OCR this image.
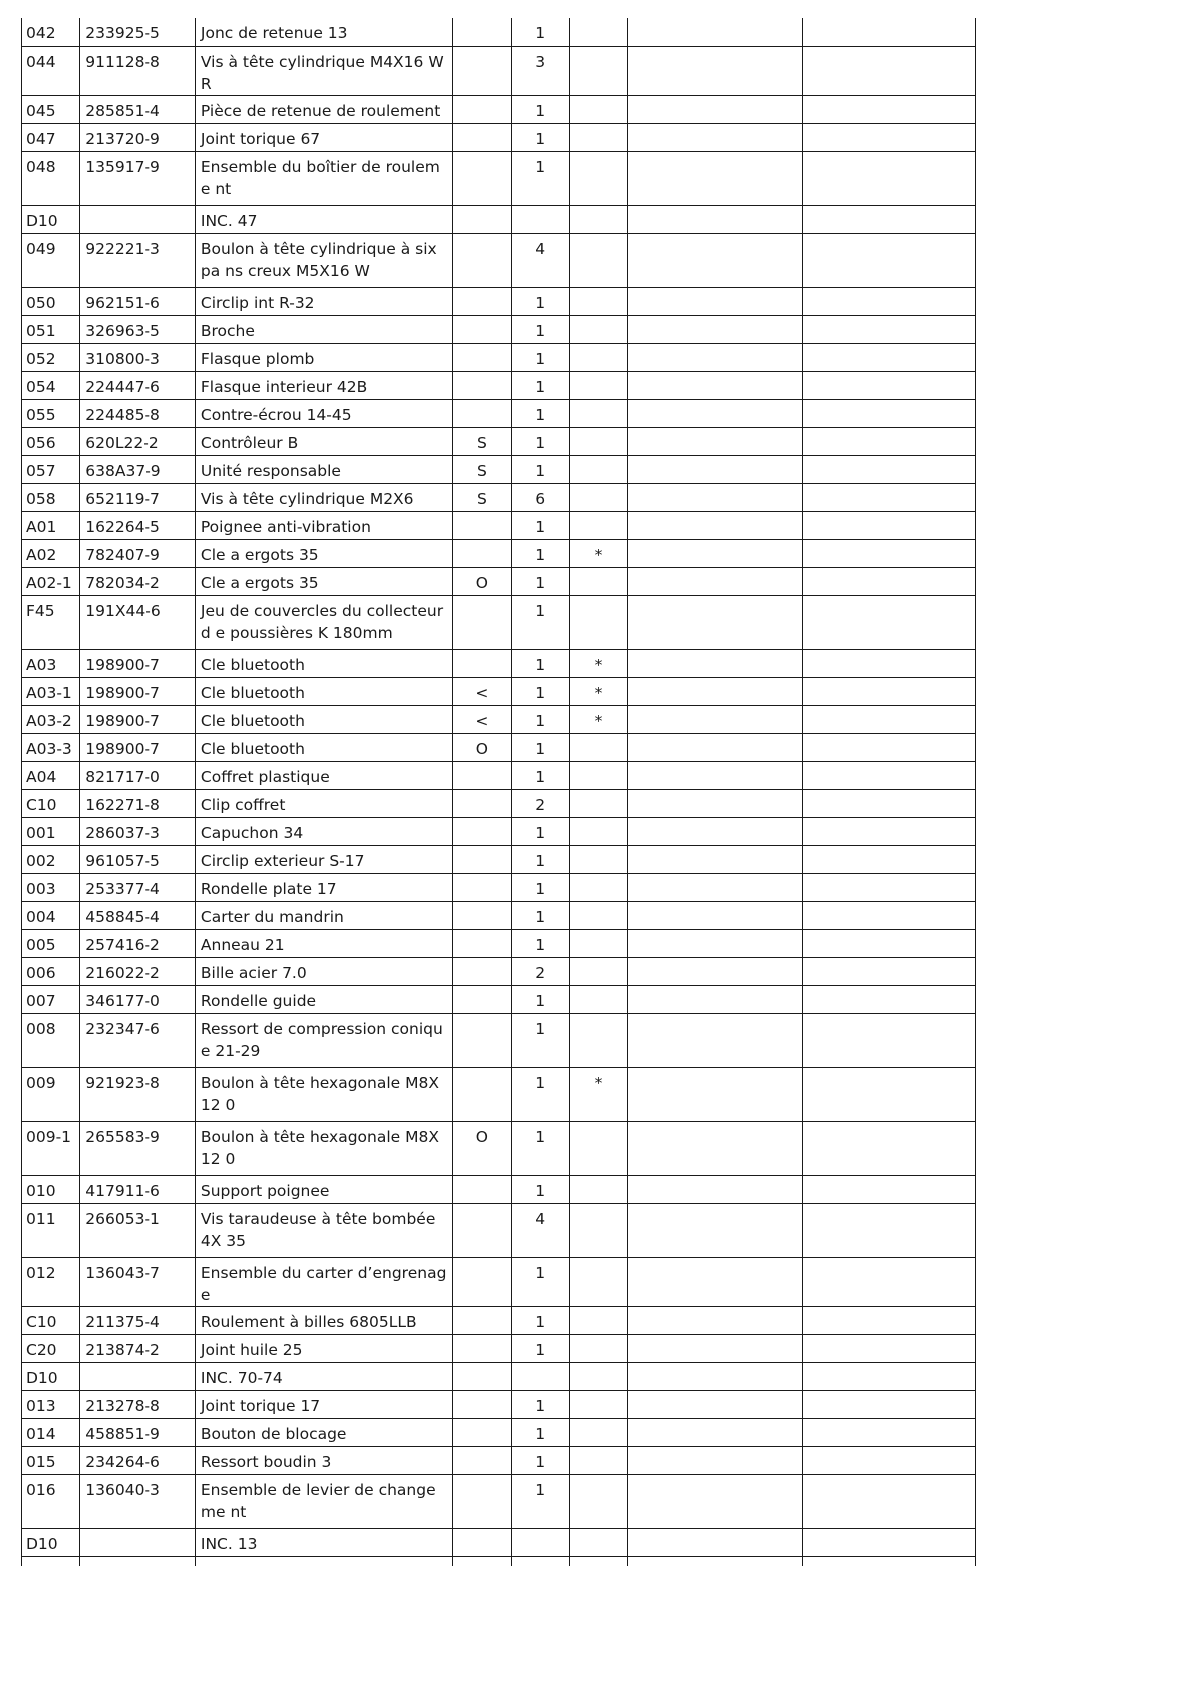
042	233925-5	Jonc de retenue 13		1			
044	911128-8	Vis à tête cylindrique M4X16 WR		3			
045	285851-4	Pièce de retenue de roulement		1			
047	213720-9	Joint torique 67		1			
048	135917-9	Ensemble du boîtier de rouleme nt		1			
D10		INC. 47					
049	922221-3	Boulon à tête cylindrique à six pa ns creux M5X16 W		4			
050	962151-6	Circlip int R-32		1			
051	326963-5	Broche		1			
052	310800-3	Flasque plomb		1			
054	224447-6	Flasque interieur 42B		1			
055	224485-8	Contre-écrou 14-45		1			
056	620L22-2	Contrôleur B	S	1			
057	638A37-9	Unité responsable	S	1			
058	652119-7	Vis à tête cylindrique M2X6	S	6			
A01	162264-5	Poignee anti-vibration		1			
A02	782407-9	Cle a ergots 35		1	*		
A02-1	782034-2	Cle a ergots 35	O	1			
F45	191X44-6	Jeu de couvercles du collecteur d e poussières K 180mm		1			
A03	198900-7	Cle bluetooth		1	*		
A03-1	198900-7	Cle bluetooth	<	1	*		
A03-2	198900-7	Cle bluetooth	<	1	*		
A03-3	198900-7	Cle bluetooth	O	1			
A04	821717-0	Coffret plastique		1			
C10	162271-8	Clip coffret		2			
001	286037-3	Capuchon 34		1			
002	961057-5	Circlip exterieur S-17		1			
003	253377-4	Rondelle plate 17		1			
004	458845-4	Carter du mandrin		1			
005	257416-2	Anneau 21		1			
006	216022-2	Bille acier 7.0		2			
007	346177-0	Rondelle guide		1			
008	232347-6	Ressort de compression conique 21-29		1			
009	921923-8	Boulon à tête hexagonale M8X12 0		1	*		
009-1	265583-9	Boulon à tête hexagonale M8X12 0	O	1			
010	417911-6	Support poignee		1			
011	266053-1	Vis taraudeuse à tête bombée 4X 35		4			
012	136043-7	Ensemble du carter d’engrenage		1			
C10	211375-4	Roulement à billes 6805LLB		1			
C20	213874-2	Joint huile 25		1			
D10		INC. 70-74					
013	213278-8	Joint torique 17		1			
014	458851-9	Bouton de blocage		1			
015	234264-6	Ressort boudin 3		1			
016	136040-3	Ensemble de levier de changeme nt		1			
D10		INC. 13					
